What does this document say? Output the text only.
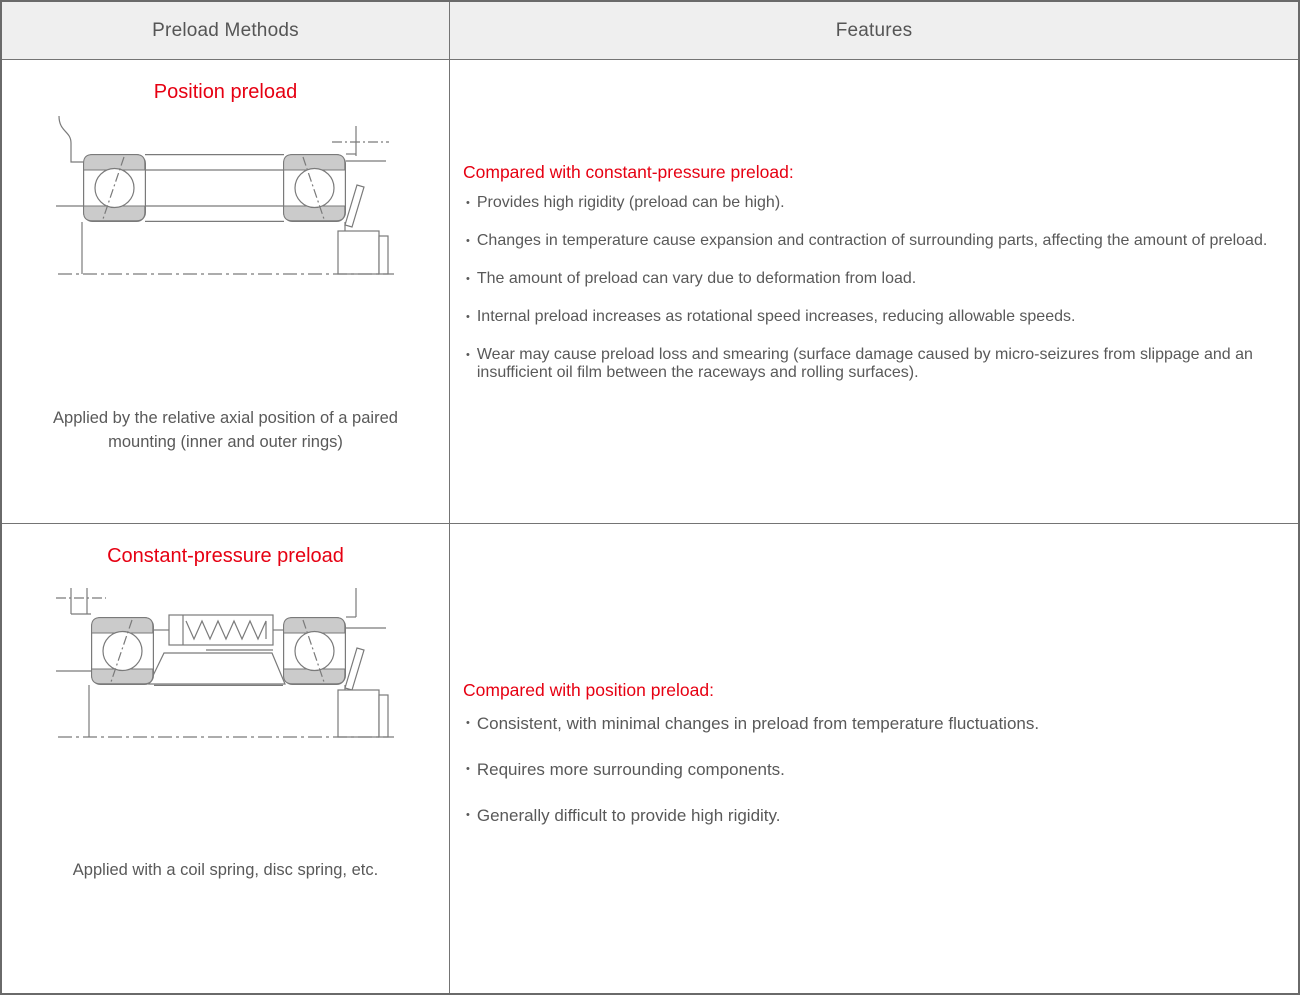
Preload Methods	Features
Position preload
Applied by the relative axial position of a paired mounting (inner and outer rings)
Compared with constant-pressure preload:
• Provides high rigidity (preload can be high).
• Changes in temperature cause expansion and contraction of surrounding parts, affecting the amount of preload.
• The amount of preload can vary due to deformation from load.
• Internal preload increases as rotational speed increases, reducing allowable speeds.
• Wear may cause preload loss and smearing (surface damage caused by micro-seizures from slippage and an insufficient oil film between the raceways and rolling surfaces).
Constant-pressure preload
Applied with a coil spring, disc spring, etc.
Compared with position preload:
• Consistent, with minimal changes in preload from temperature fluctuations.
• Requires more surrounding components.
• Generally difficult to provide high rigidity.
